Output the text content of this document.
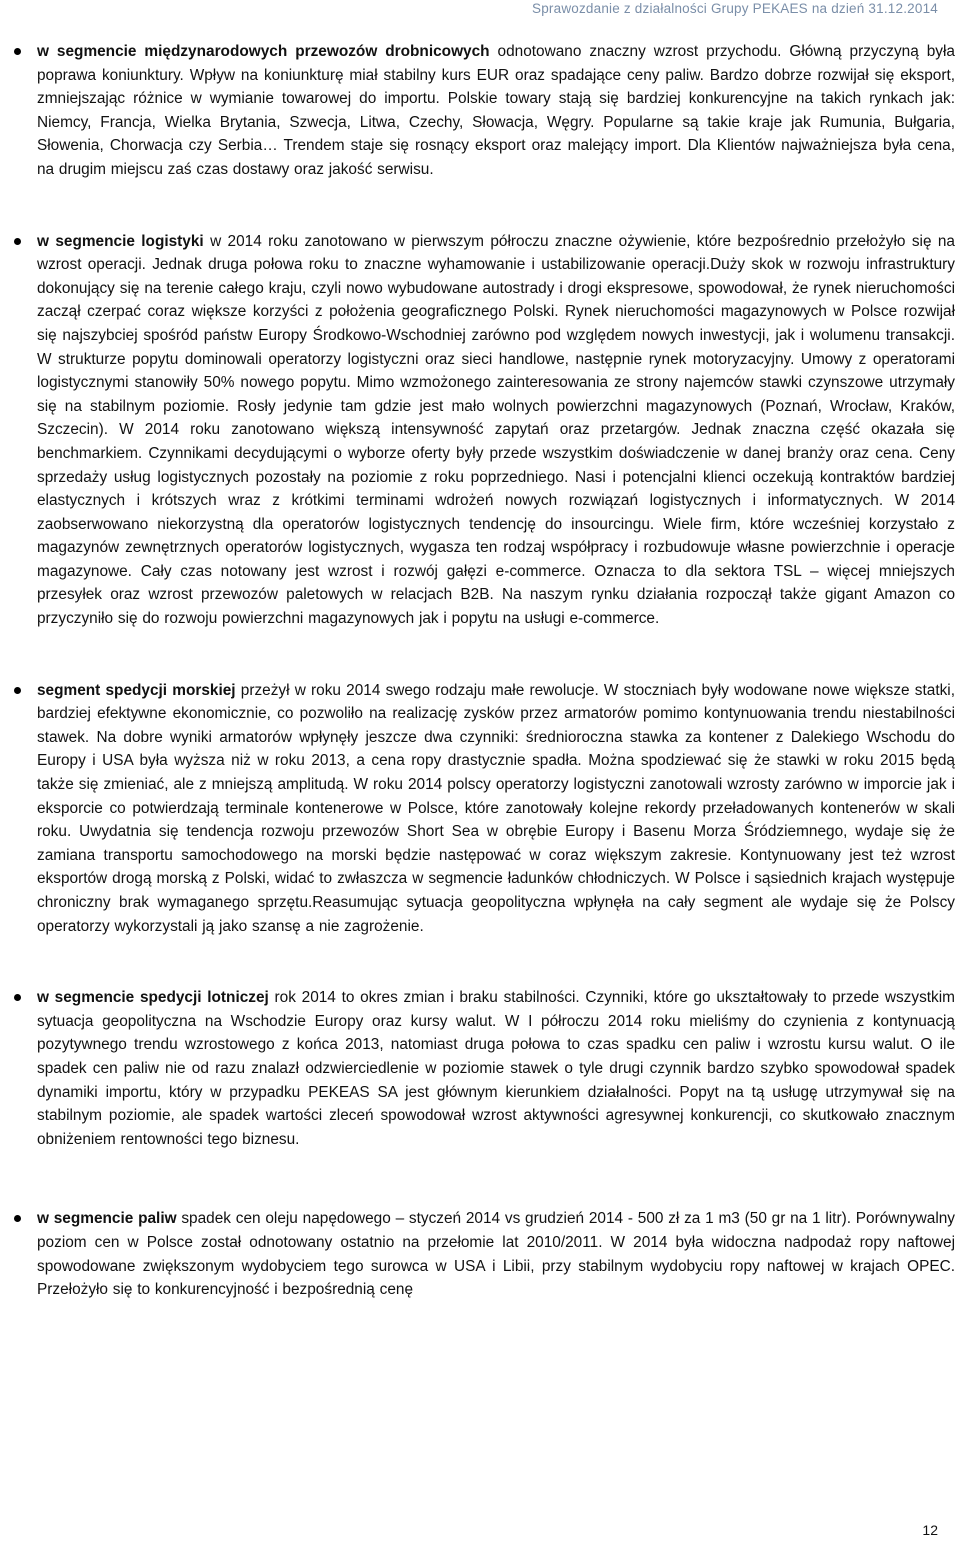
Sprawozdanie z działalności Grupy PEKAES na dzień 31.12.2014

w segmencie międzynarodowych przewozów drobnicowych odnotowano znaczny wzrost przychodu. Główną przyczyną była poprawa koniunktury. Wpływ na koniunkturę miał stabilny kurs EUR oraz spadające ceny paliw. Bardzo dobrze rozwijał się eksport, zmniejszając różnice w wymianie towarowej do importu. Polskie towary stają się bardziej konkurencyjne na takich rynkach jak: Niemcy, Francja, Wielka Brytania, Szwecja, Litwa, Czechy, Słowacja, Węgry. Popularne są takie kraje jak Rumunia, Bułgaria, Słowenia, Chorwacja czy Serbia… Trendem staje się rosnący eksport oraz malejący import. Dla Klientów najważniejsza była cena, na drugim miejscu zaś czas dostawy oraz jakość serwisu.

w segmencie logistyki w 2014 roku zanotowano w pierwszym półroczu znaczne ożywienie, które bezpośrednio przełożyło się na wzrost operacji. Jednak druga połowa roku to znaczne wyhamowanie i ustabilizowanie operacji.Duży skok w rozwoju infrastruktury dokonujący się na terenie całego kraju, czyli nowo wybudowane autostrady i drogi ekspresowe, spowodował, że rynek nieruchomości zaczął czerpać coraz większe korzyści z położenia geograficznego Polski. Rynek nieruchomości magazynowych w Polsce rozwijał się najszybciej spośród państw Europy Środkowo-Wschodniej zarówno pod względem nowych inwestycji, jak i wolumenu transakcji. W strukturze popytu dominowali operatorzy logistyczni oraz sieci handlowe, następnie rynek motoryzacyjny. Umowy z operatorami logistycznymi stanowiły 50% nowego popytu. Mimo wzmożonego zainteresowania ze strony najemców stawki czynszowe utrzymały się na stabilnym poziomie. Rosły jedynie tam gdzie jest mało wolnych powierzchni magazynowych (Poznań, Wrocław, Kraków, Szczecin). W 2014 roku zanotowano większą intensywność zapytań oraz przetargów. Jednak znaczna część okazała się benchmarkiem. Czynnikami decydującymi o wyborze oferty były przede wszystkim doświadczenie w danej branży oraz cena. Ceny sprzedaży usług logistycznych pozostały na poziomie z roku poprzedniego. Nasi i potencjalni klienci oczekują kontraktów bardziej elastycznych i krótszych wraz z krótkimi terminami wdrożeń nowych rozwiązań logistycznych i informatycznych. W 2014 zaobserwowano niekorzystną dla operatorów logistycznych tendencję do insourcingu. Wiele firm, które wcześniej korzystało z magazynów zewnętrznych operatorów logistycznych, wygasza ten rodzaj współpracy i rozbudowuje własne powierzchnie i operacje magazynowe. Cały czas notowany jest wzrost i rozwój gałęzi e-commerce. Oznacza to dla sektora TSL – więcej mniejszych przesyłek oraz wzrost przewozów paletowych w relacjach B2B. Na naszym rynku działania rozpoczął także gigant Amazon co przyczyniło się do rozwoju powierzchni magazynowych jak i popytu na usługi e-commerce.

segment spedycji morskiej przeżył w roku 2014 swego rodzaju małe rewolucje. W stoczniach były wodowane nowe większe statki, bardziej efektywne ekonomicznie, co pozwoliło na realizację zysków przez armatorów pomimo kontynuowania trendu niestabilności stawek. Na dobre wyniki armatorów wpłynęły jeszcze dwa czynniki: średnioroczna stawka za kontener z Dalekiego Wschodu do Europy i USA była wyższa niż w roku 2013, a cena ropy drastycznie spadła. Można spodziewać się że stawki w roku 2015 będą także się zmieniać, ale z mniejszą amplitudą. W roku 2014 polscy operatorzy logistyczni zanotowali wzrosty zarówno w imporcie jak i eksporcie co potwierdzają terminale kontenerowe w Polsce, które zanotowały kolejne rekordy przeładowanych kontenerów w skali roku. Uwydatnia się tendencja rozwoju przewozów Short Sea w obrębie Europy i Basenu Morza Śródziemnego, wydaje się że zamiana transportu samochodowego na morski będzie następować w coraz większym zakresie. Kontynuowany jest też wzrost eksportów drogą morską z Polski, widać to zwłaszcza w segmencie ładunków chłodniczych. W Polsce i sąsiednich krajach występuje chroniczny brak wymaganego sprzętu.Reasumując sytuacja geopolityczna wpłynęła na cały segment ale wydaje się że Polscy operatorzy wykorzystali ją jako szansę a nie zagrożenie.

w segmencie spedycji lotniczej rok 2014 to okres zmian i braku stabilności. Czynniki, które go ukształtowały to przede wszystkim sytuacja geopolityczna na Wschodzie Europy oraz kursy walut. W I półroczu 2014 roku mieliśmy do czynienia z kontynuacją pozytywnego trendu wzrostowego z końca 2013, natomiast druga połowa to czas spadku cen paliw i wzrostu kursu walut. O ile spadek cen paliw nie od razu znalazł odzwierciedlenie w poziomie stawek o tyle drugi czynnik bardzo szybko spowodował spadek dynamiki importu, który w przypadku PEKEAS SA jest głównym kierunkiem działalności. Popyt na tą usługę utrzymywał się na stabilnym poziomie, ale spadek wartości zleceń spowodował wzrost aktywności agresywnej konkurencji, co skutkowało znacznym obniżeniem rentowności tego biznesu.

w segmencie paliw spadek cen oleju napędowego – styczeń 2014 vs grudzień 2014 - 500 zł za 1 m3 (50 gr na 1 litr). Porównywalny poziom cen w Polsce został odnotowany ostatnio na przełomie lat 2010/2011. W 2014 była widoczna nadpodaż ropy naftowej spowodowane zwiększonym wydobyciem tego surowca w USA i Libii, przy stabilnym wydobyciu ropy naftowej w krajach OPEC. Przełożyło się to konkurencyjność i bezpośrednią cenę

12
